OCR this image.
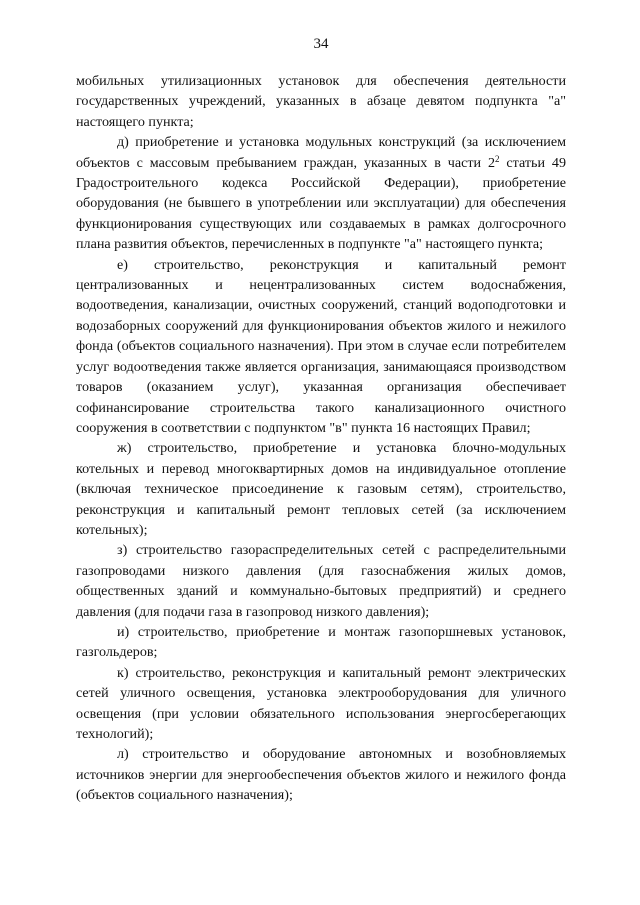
34

мобильных утилизационных установок для обеспечения деятельности государственных учреждений, указанных в абзаце девятом подпункта "а" настоящего пункта;

д) приобретение и установка модульных конструкций (за исключением объектов с массовым пребыванием граждан, указанных в части $2^2$ статьи 49 Градостроительного кодекса Российской Федерации), приобретение оборудования (не бывшего в употреблении или эксплуатации) для обеспечения функционирования существующих или создаваемых в рамках долгосрочного плана развития объектов, перечисленных в подпункте "а" настоящего пункта;

е) строительство, реконструкция и капитальный ремонт централизованных и нецентрализованных систем водоснабжения, водоотведения, канализации, очистных сооружений, станций водоподготовки и водозаборных сооружений для функционирования объектов жилого и нежилого фонда (объектов социального назначения). При этом в случае если потребителем услуг водоотведения также является организация, занимающаяся производством товаров (оказанием услуг), указанная организация обеспечивает софинансирование строительства такого канализационного очистного сооружения в соответствии с подпунктом "в" пункта 16 настоящих Правил;

ж) строительство, приобретение и установка блочно-модульных котельных и перевод многоквартирных домов на индивидуальное отопление (включая техническое присоединение к газовым сетям), строительство, реконструкция и капитальный ремонт тепловых сетей (за исключением котельных);

з) строительство газораспределительных сетей с распределительными газопроводами низкого давления (для газоснабжения жилых домов, общественных зданий и коммунально-бытовых предприятий) и среднего давления (для подачи газа в газопровод низкого давления);

и) строительство, приобретение и монтаж газопоршневых установок, газгольдеров;

к) строительство, реконструкция и капитальный ремонт электрических сетей уличного освещения, установка электрооборудования для уличного освещения (при условии обязательного использования энергосберегающих технологий);

л) строительство и оборудование автономных и возобновляемых источников энергии для энергообеспечения объектов жилого и нежилого фонда (объектов социального назначения);
